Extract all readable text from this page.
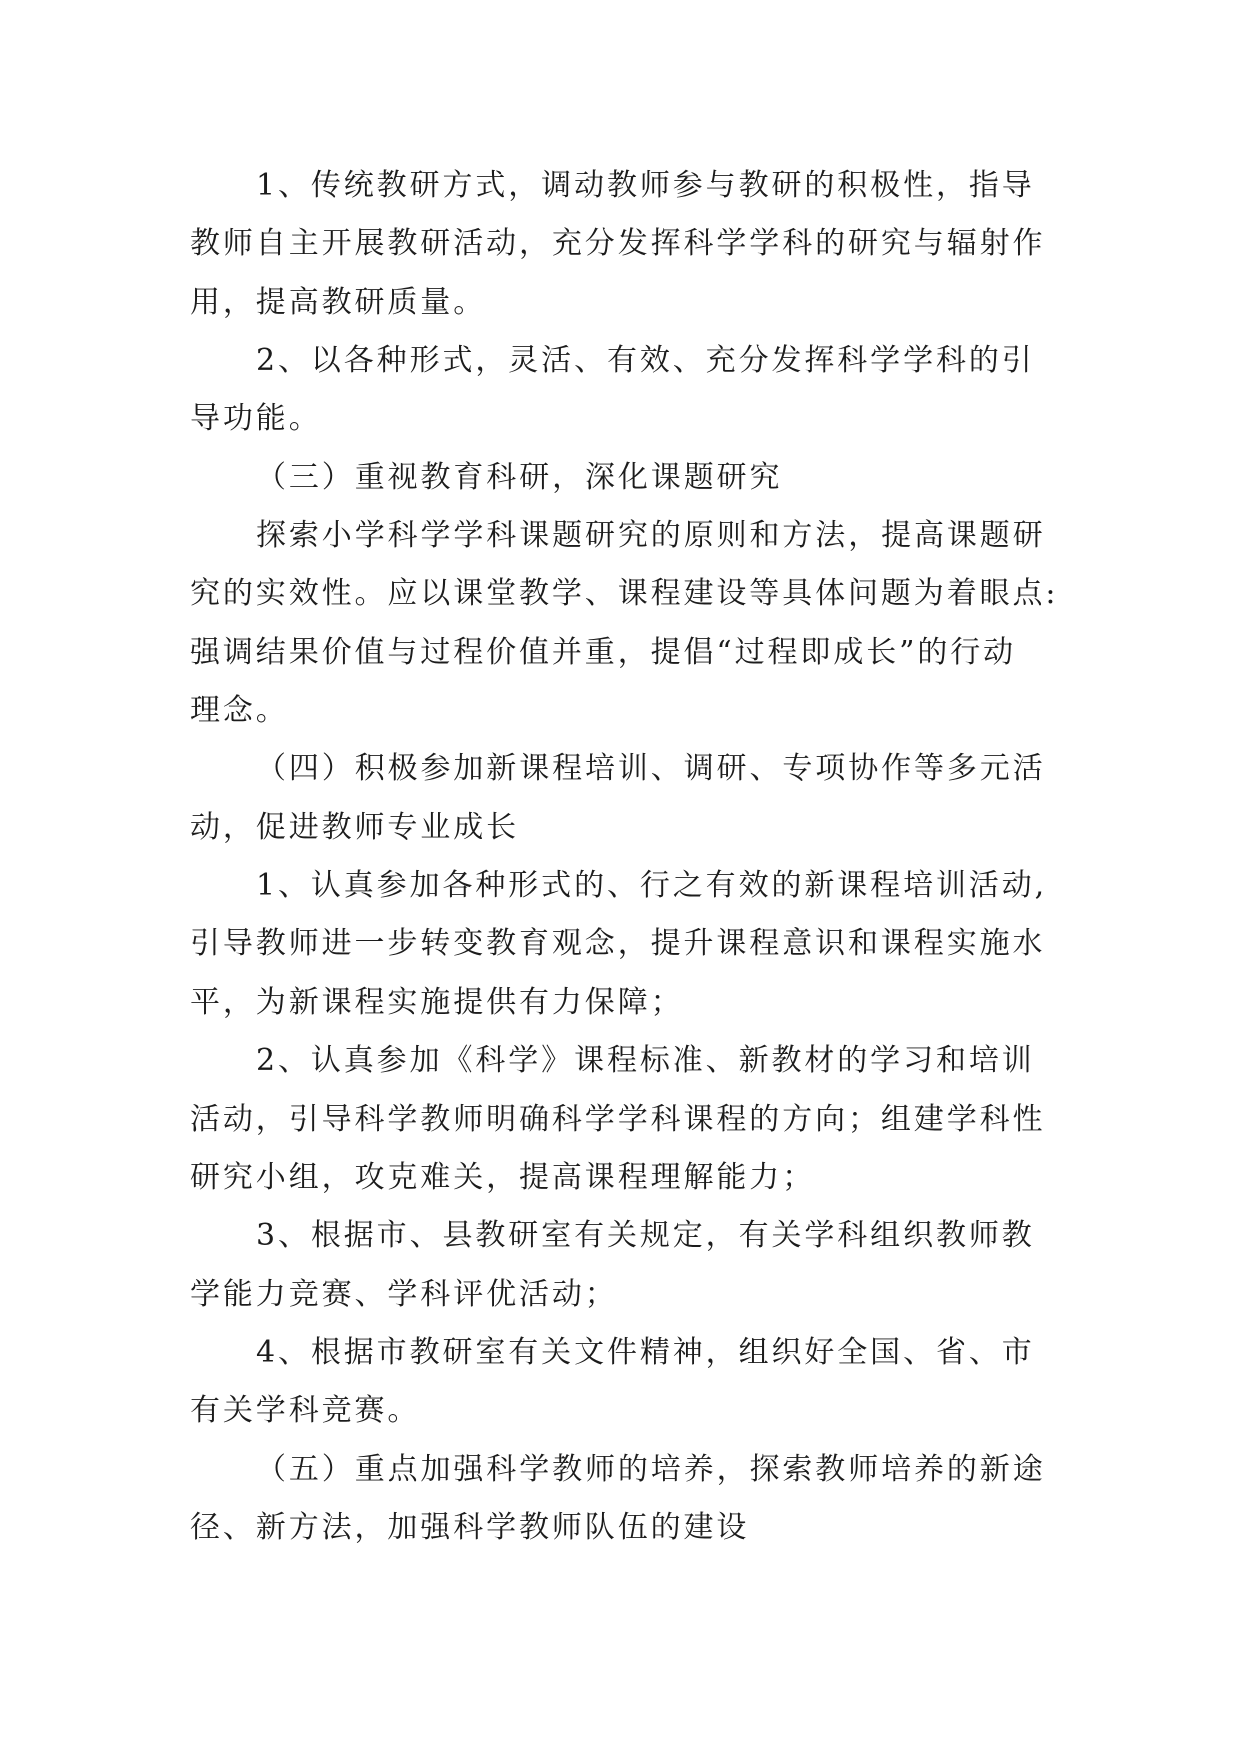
1、传统教研方式，调动教师参与教研的积极性，指导
教师自主开展教研活动，充分发挥科学学科的研究与辐射作
用，提高教研质量。
2、以各种形式，灵活、有效、充分发挥科学学科的引
导功能。
（三）重视教育科研，深化课题研究
探索小学科学学科课题研究的原则和方法，提高课题研
究的实效性。应以课堂教学、课程建设等具体问题为着眼点:
强调结果价值与过程价值并重，提倡“过程即成长”的行动
理念。
（四）积极参加新课程培训、调研、专项协作等多元活
动，促进教师专业成长
1、认真参加各种形式的、行之有效的新课程培训活动,
引导教师进一步转变教育观念，提升课程意识和课程实施水
平，为新课程实施提供有力保障；
2、认真参加《科学》课程标准、新教材的学习和培训
活动，引导科学教师明确科学学科课程的方向；组建学科性
研究小组，攻克难关，提高课程理解能力；
3、根据市、县教研室有关规定，有关学科组织教师教
学能力竞赛、学科评优活动；
4、根据市教研室有关文件精神，组织好全国、省、市
有关学科竞赛。
（五）重点加强科学教师的培养，探索教师培养的新途
径、新方法，加强科学教师队伍的建设
